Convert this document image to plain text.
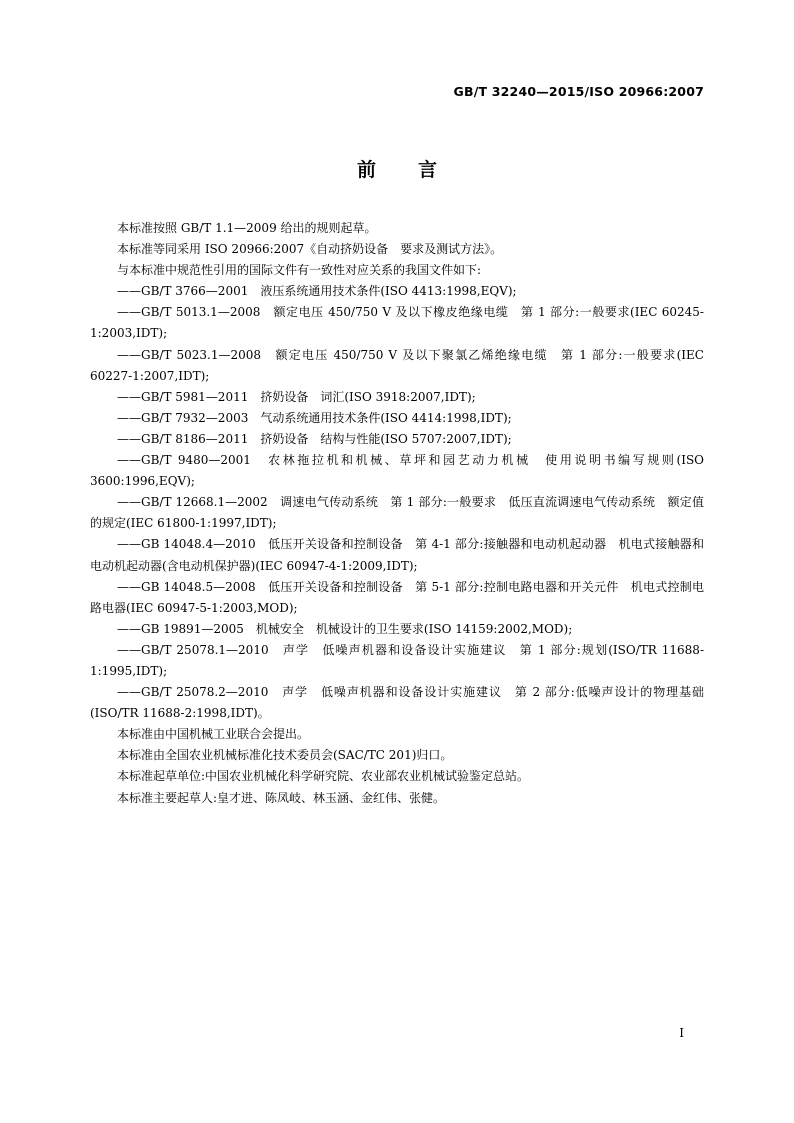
GB/T 32240—2015/ISO 20966:2007
前言

本标准按照 GB/T 1.1—2009 给出的规则起草。

本标准等同采用 ISO 20966:2007《自动挤奶设备　要求及测试方法》。

与本标准中规范性引用的国际文件有一致性对应关系的我国文件如下:

——GB/T 3766—2001　液压系统通用技术条件(ISO 4413:1998,EQV);

——GB/T 5013.1—2008　额定电压 450/750 V 及以下橡皮绝缘电缆　第 1 部分:一般要求(IEC 60245-1:2003,IDT);

——GB/T 5023.1—2008　额定电压 450/750 V 及以下聚氯乙烯绝缘电缆　第 1 部分:一般要求(IEC 60227-1:2007,IDT);

——GB/T 5981—2011　挤奶设备　词汇(ISO 3918:2007,IDT);

——GB/T 7932—2003　气动系统通用技术条件(ISO 4414:1998,IDT);

——GB/T 8186—2011　挤奶设备　结构与性能(ISO 5707:2007,IDT);

——GB/T 9480—2001　农林拖拉机和机械、草坪和园艺动力机械　使用说明书编写规则(ISO 3600:1996,EQV);

——GB/T 12668.1—2002　调速电气传动系统　第 1 部分:一般要求　低压直流调速电气传动系统　额定值的规定(IEC 61800-1:1997,IDT);

——GB 14048.4—2010　低压开关设备和控制设备　第 4-1 部分:接触器和电动机起动器　机电式接触器和电动机起动器(含电动机保护器)(IEC 60947-4-1:2009,IDT);

——GB 14048.5—2008　低压开关设备和控制设备　第 5-1 部分:控制电路电器和开关元件　机电式控制电路电器(IEC 60947-5-1:2003,MOD);

——GB 19891—2005　机械安全　机械设计的卫生要求(ISO 14159:2002,MOD);

——GB/T 25078.1—2010　声学　低噪声机器和设备设计实施建议　第 1 部分:规划(ISO/TR 11688-1:1995,IDT);

——GB/T 25078.2—2010　声学　低噪声机器和设备设计实施建议　第 2 部分:低噪声设计的物理基础(ISO/TR 11688-2:1998,IDT)。

本标准由中国机械工业联合会提出。

本标准由全国农业机械标准化技术委员会(SAC/TC 201)归口。

本标准起草单位:中国农业机械化科学研究院、农业部农业机械试验鉴定总站。

本标准主要起草人:皇才进、陈凤岐、林玉涵、金红伟、张健。

I
